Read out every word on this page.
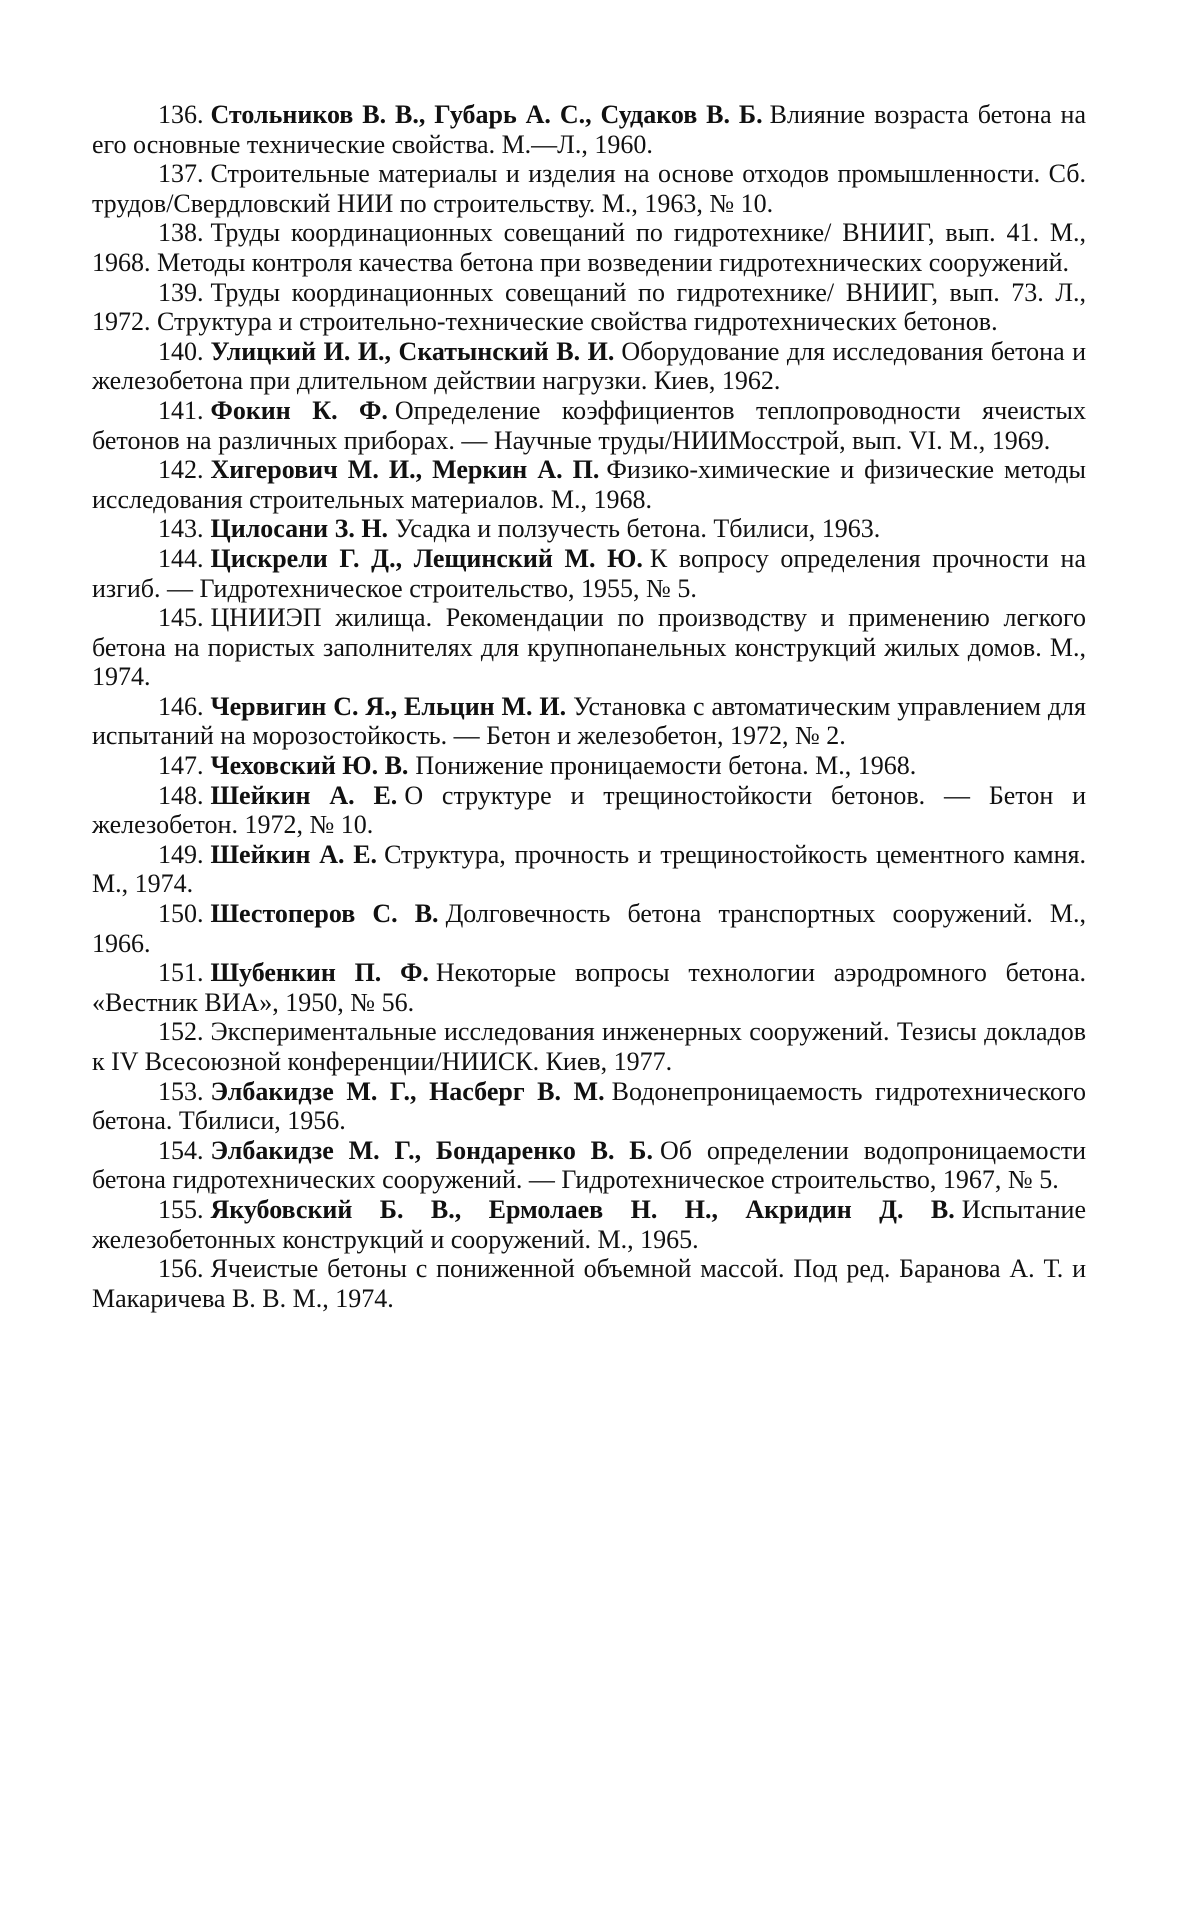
136. Стольников В. В., Губарь А. С., Судаков В. Б. Влияние возраста бетона на его основные технические свойства. М.—Л., 1960.

137. Строительные материалы и изделия на основе отходов промышленности. Сб. трудов/Свердловский НИИ по строительству. М., 1963, № 10.

138. Труды координационных совещаний по гидротехнике/ ВНИИГ, вып. 41. М., 1968. Методы контроля качества бетона при возведении гидротехнических сооружений.

139. Труды координационных совещаний по гидротехнике/ ВНИИГ, вып. 73. Л., 1972. Структура и строительно-технические свойства гидротехнических бетонов.

140. Улицкий И. И., Скатынский В. И. Оборудование для исследования бетона и железобетона при длительном действии нагрузки. Киев, 1962.

141. Фокин К. Ф. Определение коэффициентов теплопроводности ячеистых бетонов на различных приборах. — Научные труды/НИИМосстрой, вып. VI. М., 1969.

142. Хигерович М. И., Меркин А. П. Физико-химические и физические методы исследования строительных материалов. М., 1968.

143. Цилосани З. Н. Усадка и ползучесть бетона. Тбилиси, 1963.

144. Цискрели Г. Д., Лещинский М. Ю. К вопросу определения прочности на изгиб. — Гидротехническое строительство, 1955, № 5.

145. ЦНИИЭП жилища. Рекомендации по производству и применению легкого бетона на пористых заполнителях для крупнопанельных конструкций жилых домов. М., 1974.

146. Червигин С. Я., Ельцин М. И. Установка с автоматическим управлением для испытаний на морозостойкость. — Бетон и железобетон, 1972, № 2.

147. Чеховский Ю. В. Понижение проницаемости бетона. М., 1968.

148. Шейкин А. Е. О структуре и трещиностойкости бетонов. — Бетон и железобетон. 1972, № 10.

149. Шейкин А. Е. Структура, прочность и трещиностойкость цементного камня. М., 1974.

150. Шестоперов С. В. Долговечность бетона транспортных сооружений. М., 1966.

151. Шубенкин П. Ф. Некоторые вопросы технологии аэродромного бетона. «Вестник ВИА», 1950, № 56.

152. Экспериментальные исследования инженерных сооружений. Тезисы докладов к IV Всесоюзной конференции/НИИСК. Киев, 1977.

153. Элбакидзе М. Г., Насберг В. М. Водонепроницаемость гидротехнического бетона. Тбилиси, 1956.

154. Элбакидзе М. Г., Бондаренко В. Б. Об определении водопроницаемости бетона гидротехнических сооружений. — Гидротехническое строительство, 1967, № 5.

155. Якубовский Б. В., Ермолаев Н. Н., Акридин Д. В. Испытание железобетонных конструкций и сооружений. М., 1965.

156. Ячеистые бетоны с пониженной объемной массой. Под ред. Баранова А. Т. и Макаричева В. В. М., 1974.
